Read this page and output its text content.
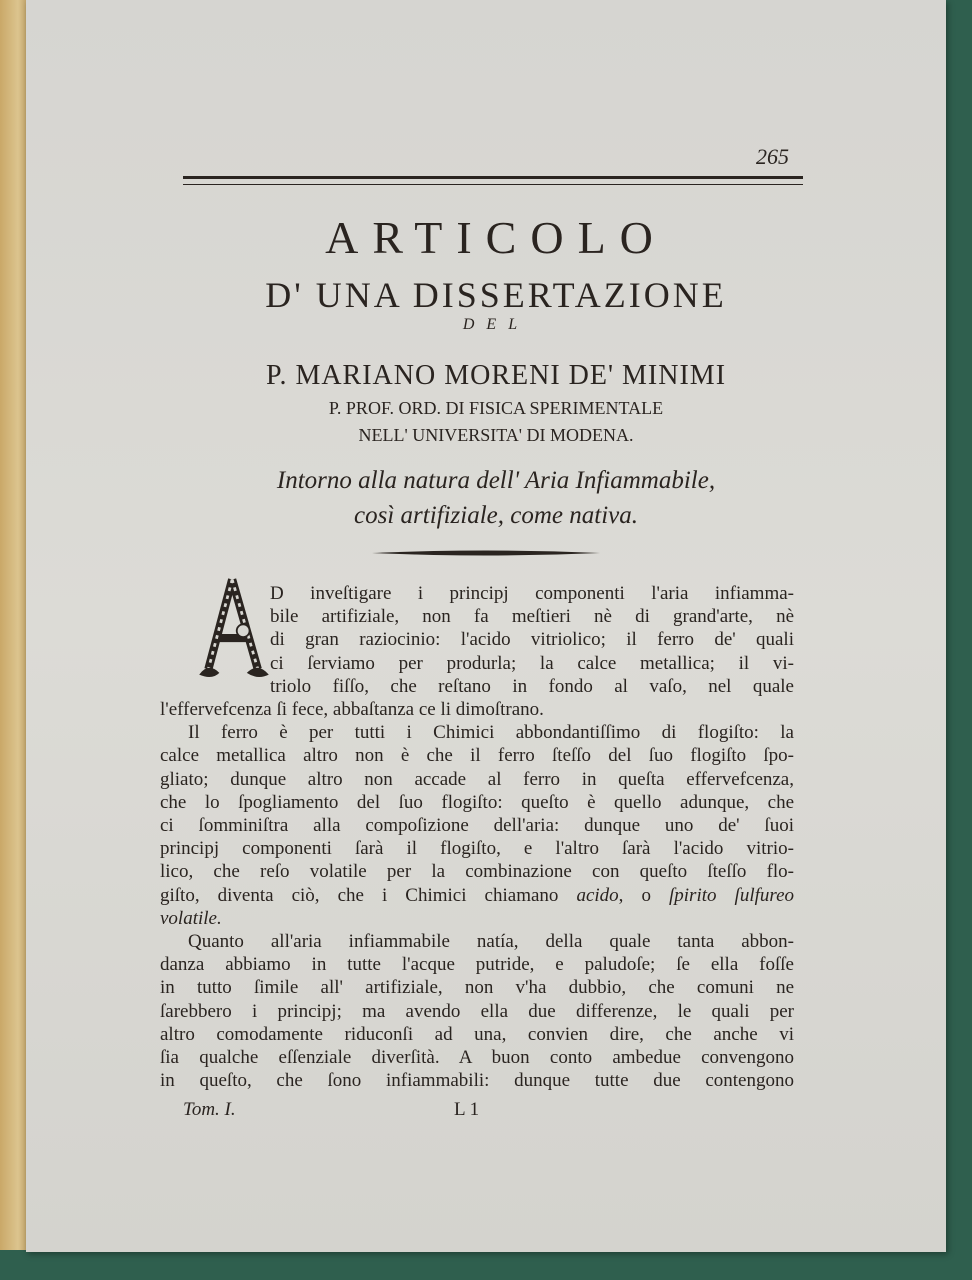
265
ARTICOLO
D' UNA DISSERTAZIONE
DEL
P. MARIANO MORENI DE' MINIMI
P. PROF. ORD. DI FISICA SPERIMENTALE
NELL' UNIVERSITA' DI MODENA.
Intorno alla natura dell' Aria Infiammabile,
così artifiziale, come nativa.
D inveſtigare i principj componenti l'aria infiamma-
bile artifiziale, non fa meſtieri nè di grand'arte, nè
di gran raziocinio: l'acido vitriolico; il ferro de' quali
ci ſerviamo per produrla; la calce metallica; il vi-
triolo fiſſo, che reſtano in fondo al vaſo, nel quale
l'effervefcenza ſi fece, abbaſtanza ce li dimoſtrano.
Il ferro è per tutti i Chimici abbondantiſſimo di flogiſto: la
calce metallica altro non è che il ferro ſteſſo del ſuo flogiſto ſpo-
gliato; dunque altro non accade al ferro in queſta effervefcenza,
che lo ſpogliamento del ſuo flogiſto: queſto è quello adunque, che
ci ſomminiſtra alla compoſizione dell'aria: dunque uno de' ſuoi
principj componenti ſarà il flogiſto, e l'altro ſarà l'acido vitrio-
lico, che reſo volatile per la combinazione con queſto ſteſſo flo-
giſto, diventa ciò, che i Chimici chiamano acido, o ſpirito ſulfureo
volatile.
Quanto all'aria infiammabile natía, della quale tanta abbon-
danza abbiamo in tutte l'acque putride, e paludoſe; ſe ella foſſe
in tutto ſimile all' artifiziale, non v'ha dubbio, che comuni ne
ſarebbero i principj; ma avendo ella due differenze, le quali per
altro comodamente riduconſi ad una, convien dire, che anche vi
ſia qualche eſſenziale diverſità. A buon conto ambedue convengono
in queſto, che ſono infiammabili: dunque tutte due contengono
Tom. I.	L 1
